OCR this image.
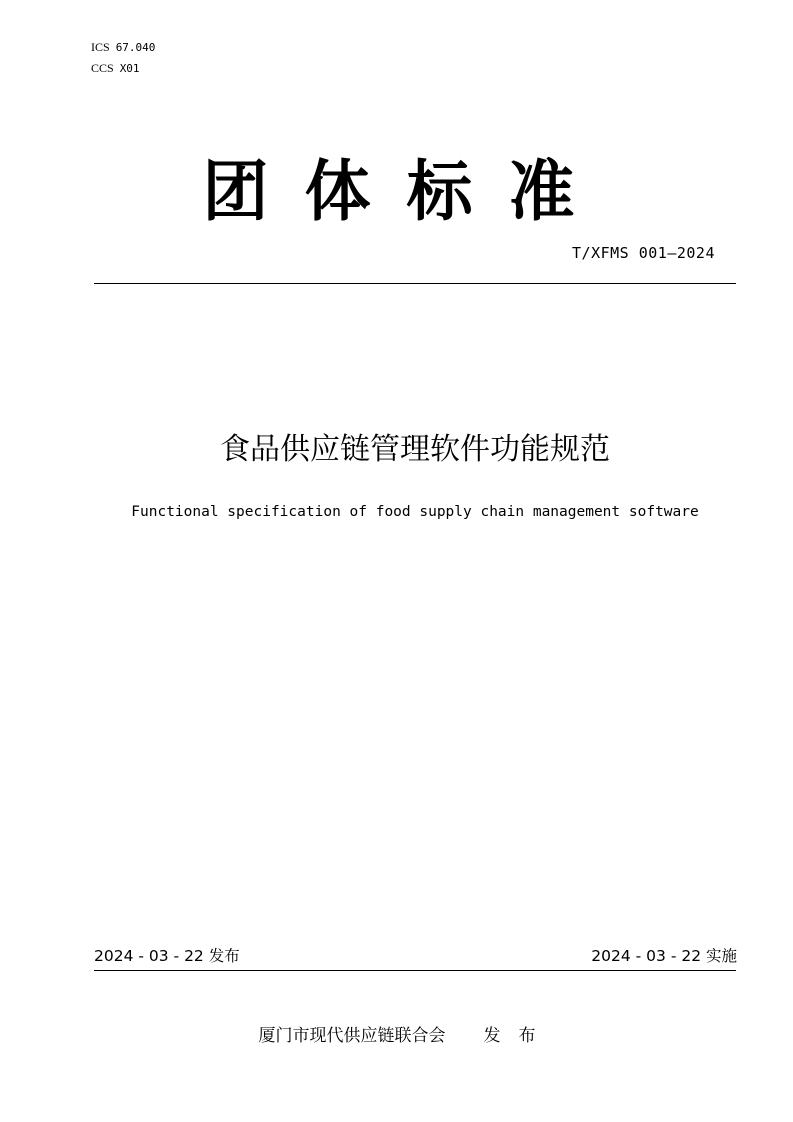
ICS 67.040
CCS X01
团体标准
T/XFMS 001—2024
食品供应链管理软件功能规范
Functional specification of food supply chain management software
2024 - 03 - 22 发布	2024 - 03 - 22 实施
厦门市现代供应链联合会 发布
